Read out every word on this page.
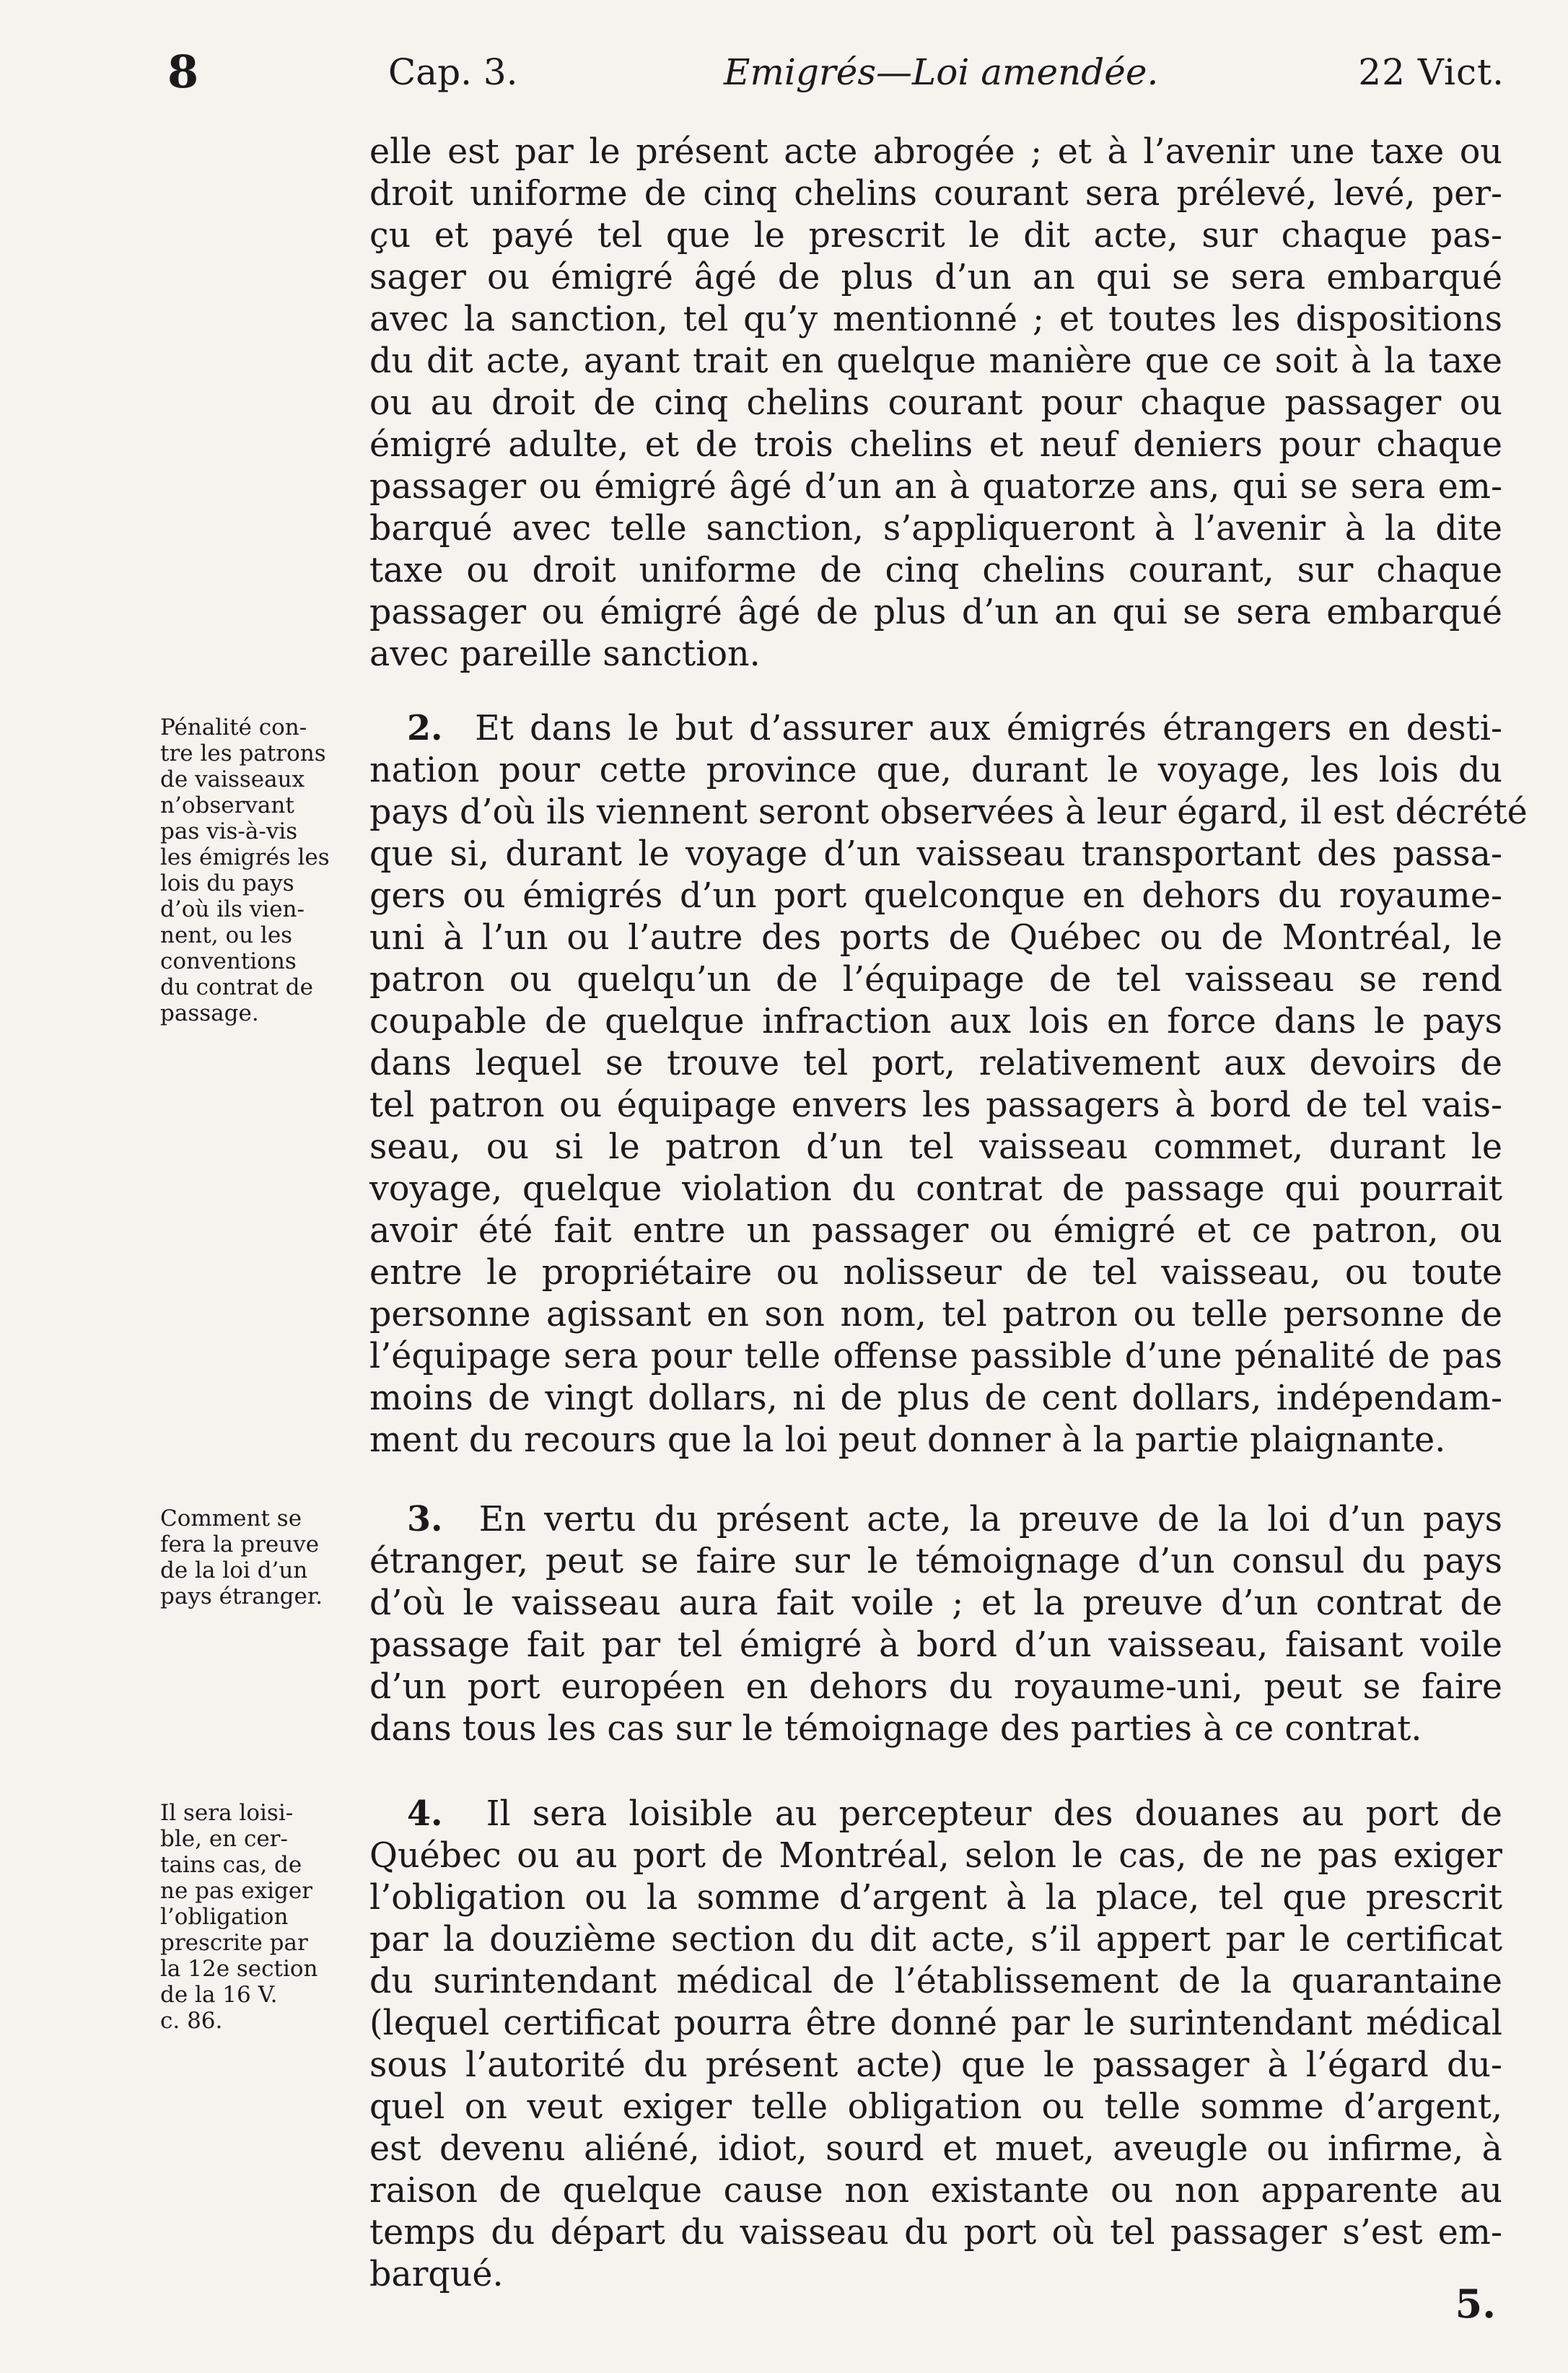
8	Cap. 3.	Emigrés—Loi amendée.	22 Vict.
elle est par le présent acte abrogée ; et à l’avenir une taxe ou
droit uniforme de cinq chelins courant sera prélevé, levé, per-
çu et payé tel que le prescrit le dit acte, sur chaque pas-
sager ou émigré âgé de plus d’un an qui se sera embarqué
avec la sanction, tel qu’y mentionné ; et toutes les dispositions
du dit acte, ayant trait en quelque manière que ce soit à la taxe
ou au droit de cinq chelins courant pour chaque passager ou
émigré adulte, et de trois chelins et neuf deniers pour chaque
passager ou émigré âgé d’un an à quatorze ans, qui se sera em-
barqué avec telle sanction, s’appliqueront à l’avenir à la dite
taxe ou droit uniforme de cinq chelins courant, sur chaque
passager ou émigré âgé de plus d’un an qui se sera embarqué
avec pareille sanction.
Pénalité con-
tre les patrons
de vaisseaux
n’observant
pas vis-à-vis
les émigrés les
lois du pays
d’où ils vien-
nent, ou les
conventions
du contrat de
passage.
2. Et dans le but d’assurer aux émigrés étrangers en desti-
nation pour cette province que, durant le voyage, les lois du
pays d’où ils viennent seront observées à leur égard, il est décrété
que si, durant le voyage d’un vaisseau transportant des passa-
gers ou émigrés d’un port quelconque en dehors du royaume-
uni à l’un ou l’autre des ports de Québec ou de Montréal, le
patron ou quelqu’un de l’équipage de tel vaisseau se rend
coupable de quelque infraction aux lois en force dans le pays
dans lequel se trouve tel port, relativement aux devoirs de
tel patron ou équipage envers les passagers à bord de tel vais-
seau, ou si le patron d’un tel vaisseau commet, durant le
voyage, quelque violation du contrat de passage qui pourrait
avoir été fait entre un passager ou émigré et ce patron, ou
entre le propriétaire ou nolisseur de tel vaisseau, ou toute
personne agissant en son nom, tel patron ou telle personne de
l’équipage sera pour telle offense passible d’une pénalité de pas
moins de vingt dollars, ni de plus de cent dollars, indépendam-
ment du recours que la loi peut donner à la partie plaignante.
Comment se
fera la preuve
de la loi d’un
pays étranger.
3. En vertu du présent acte, la preuve de la loi d’un pays
étranger, peut se faire sur le témoignage d’un consul du pays
d’où le vaisseau aura fait voile ; et la preuve d’un contrat de
passage fait par tel émigré à bord d’un vaisseau, faisant voile
d’un port européen en dehors du royaume-uni, peut se faire
dans tous les cas sur le témoignage des parties à ce contrat.
Il sera loisi-
ble, en cer-
tains cas, de
ne pas exiger
l’obligation
prescrite par
la 12e section
de la 16 V.
c. 86.
4. Il sera loisible au percepteur des douanes au port de
Québec ou au port de Montréal, selon le cas, de ne pas exiger
l’obligation ou la somme d’argent à la place, tel que prescrit
par la douzième section du dit acte, s’il appert par le certificat
du surintendant médical de l’établissement de la quarantaine
(lequel certificat pourra être donné par le surintendant médical
sous l’autorité du présent acte) que le passager à l’égard du-
quel on veut exiger telle obligation ou telle somme d’argent,
est devenu aliéné, idiot, sourd et muet, aveugle ou infirme, à
raison de quelque cause non existante ou non apparente au
temps du départ du vaisseau du port où tel passager s’est em-
barqué.
5.
